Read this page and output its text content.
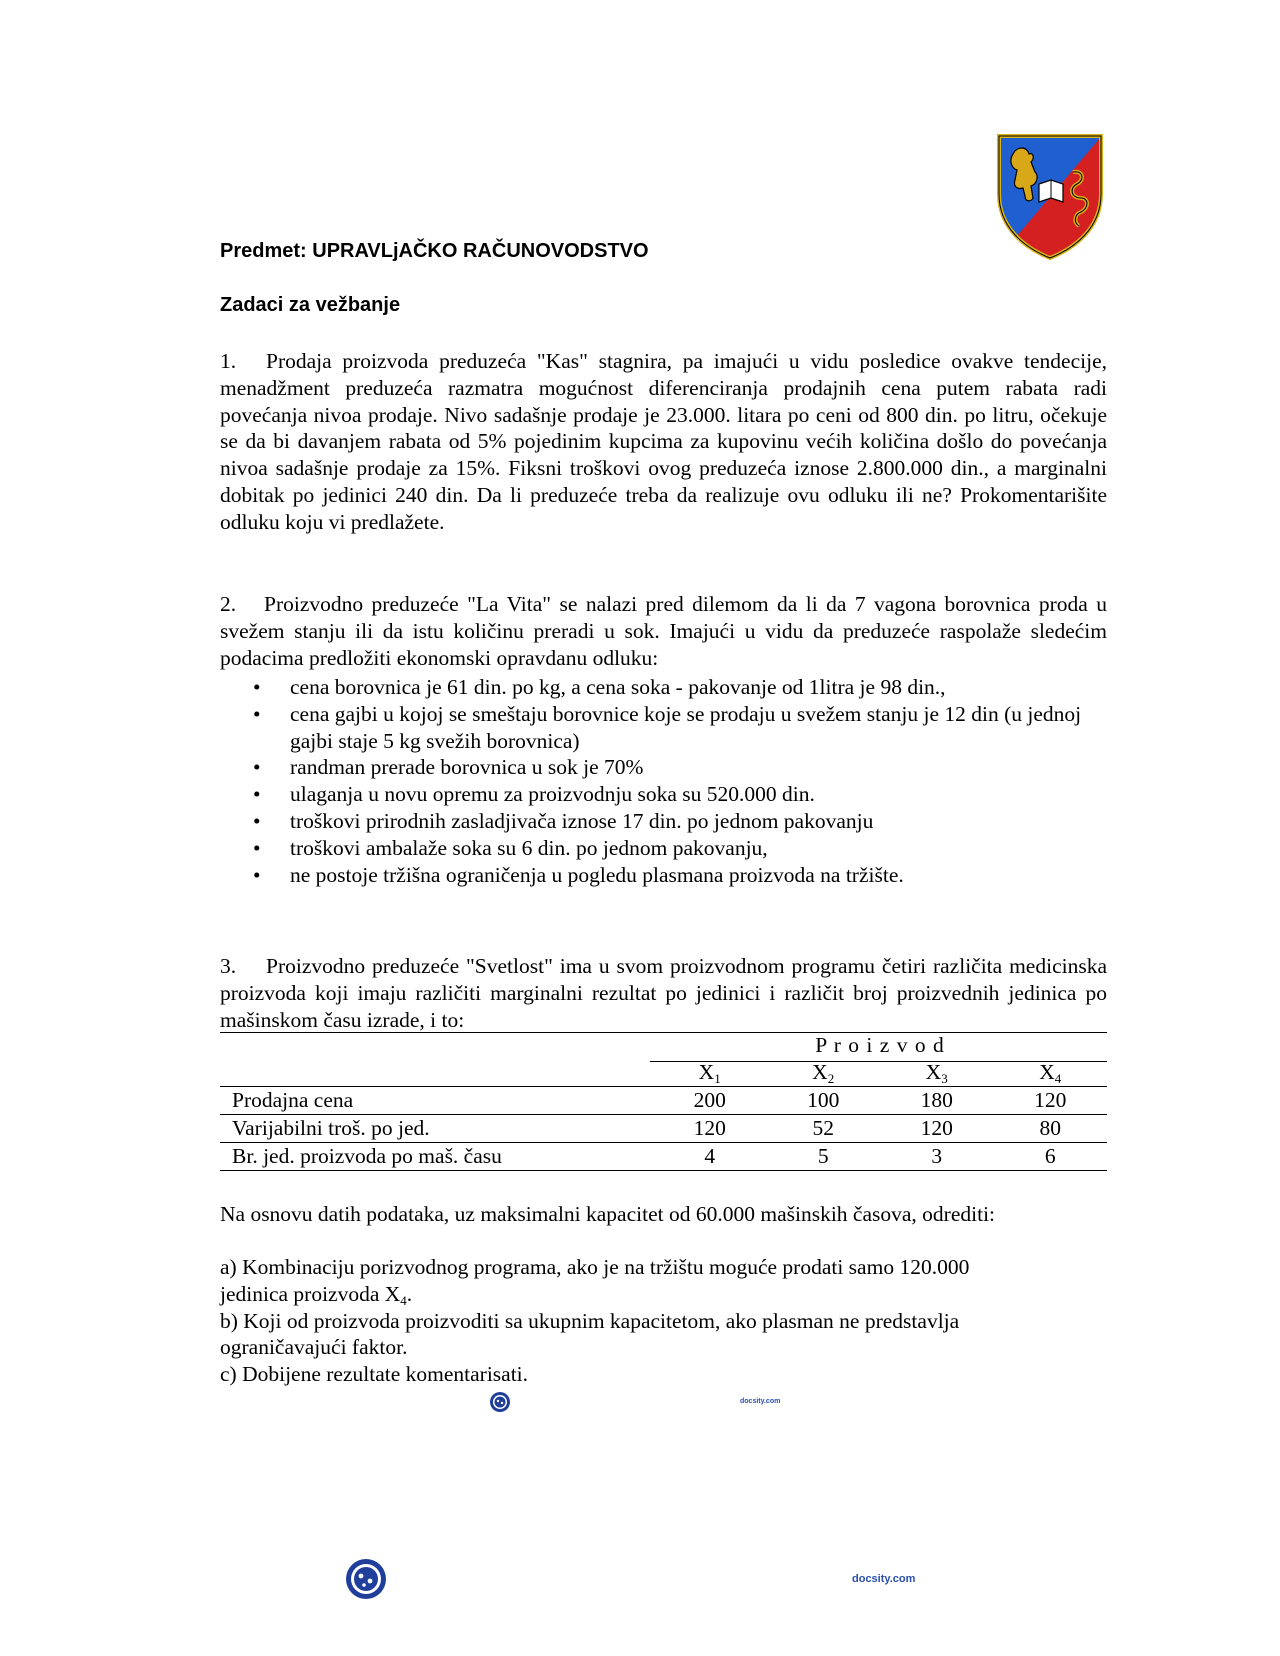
Predmet: UPRAVLjAČKO RAČUNOVODSTVO
Zadaci za vežbanje
1. Prodaja proizvoda preduzeća "Kas" stagnira, pa imajući u vidu posledice ovakve tendecije, menadžment preduzeća razmatra mogućnost diferenciranja prodajnih cena putem rabata radi povećanja nivoa prodaje. Nivo sadašnje prodaje je 23.000. litara po ceni od 800 din. po litru, očekuje se da bi davanjem rabata od 5% pojedinim kupcima za kupovinu većih količina došlo do povećanja nivoa sadašnje prodaje za 15%. Fiksni troškovi ovog preduzeća iznose 2.800.000 din., a marginalni dobitak po jedinici 240 din. Da li preduzeće treba da realizuje ovu odluku ili ne? Prokomentarišite odluku koju vi predlažete.
2. Proizvodno preduzeće "La Vita" se nalazi pred dilemom da li da 7 vagona borovnica proda u svežem stanju ili da istu količinu preradi u sok. Imajući u vidu da preduzeće raspolaže sledećim podacima predložiti ekonomski opravdanu odluku:
• cena borovnica je 61 din. po kg, a cena soka - pakovanje od 1litra je 98 din.,
• cena gajbi u kojoj se smeštaju borovnice koje se prodaju u svežem stanju je 12 din (u jednoj gajbi staje 5 kg svežih borovnica)
• randman prerade borovnica u sok je 70%
• ulaganja u novu opremu za proizvodnju soka su 520.000 din.
• troškovi prirodnih zasladjivača iznose 17 din. po jednom pakovanju
• troškovi ambalaže soka su 6 din. po jednom pakovanju,
• ne postoje tržišna ograničenja u pogledu plasmana proizvoda na tržište.
3. Proizvodno preduzeće "Svetlost" ima u svom proizvodnom programu četiri različita medicinska proizvoda koji imaju različiti marginalni rezultat po jedinici i različit broj proizvednih jedinica po mašinskom času izrade, i to:
	P r o i z v o d			
	$X_1$	$X_2$	$X_3$	$X_4$
Prodajna cena	200	100	180	120
Varijabilni troš. po jed.	120	52	120	80
Br. jed. proizvoda po maš. času	4	5	3	6
Na osnovu datih podataka, uz maksimalni kapacitet od 60.000 mašinskih časova, odrediti:
a) Kombinaciju porizvodnog programa, ako je na tržištu moguće prodati samo 120.000
jedinica proizvoda $X_4$.
b) Koji od proizvoda proizvoditi sa ukupnim kapacitetom, ako plasman ne predstavlja
ograničavajući faktor.
c) Dobijene rezultate komentarisati.
docsity.com
docsity.com
